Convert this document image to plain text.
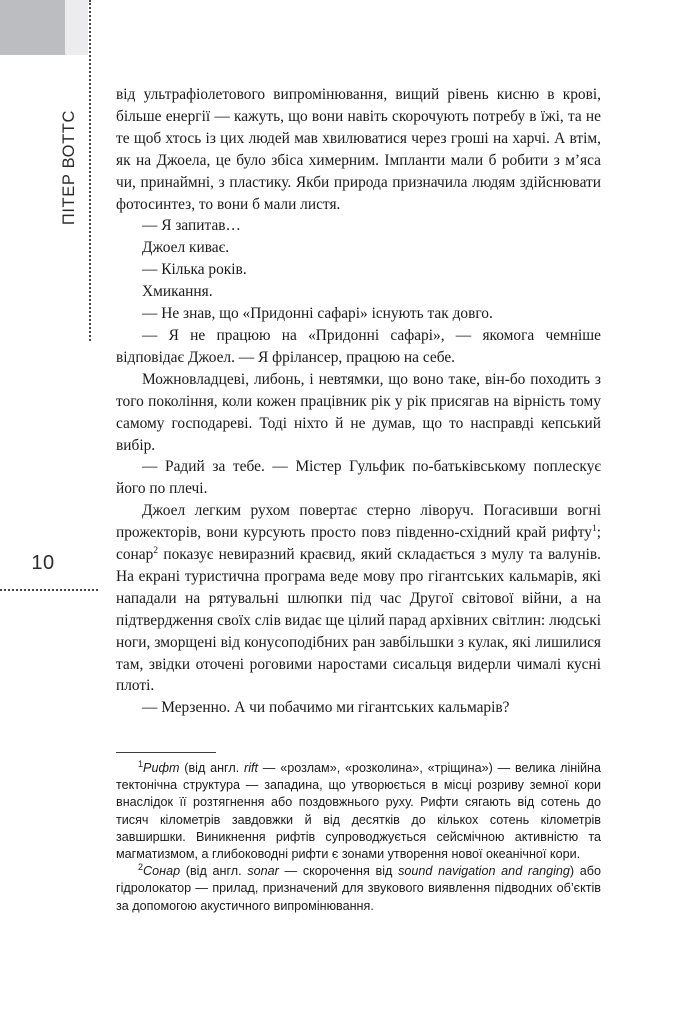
ПІТЕР ВОТТС
10

від ультрафіолетового випромінювання, вищий рівень кисню в крові, більше енергії — кажуть, що вони навіть скорочують потребу в їжі, та не те щоб хтось із цих людей мав хвилюватися через гроші на харчі. А втім, як на Джоела, це було збіса химерним. Імпланти мали б робити з м’яса чи, принаймні, з пластику. Якби природа призначила людям здійснювати фотосинтез, то вони б мали листя.

— Я запитав…

Джоел киває.

— Кілька років.

Хмикання.

— Не знав, що «Придонні сафарі» існують так довго.

— Я не працюю на «Придонні сафарі», — якомога чемніше відповідає Джоел. — Я фрілансер, працюю на себе.

Можновладцеві, либонь, і невтямки, що воно таке, він-бо походить з того покоління, коли кожен працівник рік у рік присягав на вірність тому самому господареві. Тоді ніхто й не думав, що то насправді кепський вибір.

— Радий за тебе. — Містер Гульфик по-батьківському поплескує його по плечі.

Джоел легким рухом повертає стерно ліворуч. Погасивши вогні прожекторів, вони курсують просто повз південно-східний край рифту$^1$; сонар$^2$ показує невиразний краєвид, який складається з мулу та валунів. На екрані туристична програма веде мову про гігантських кальмарів, які нападали на рятувальні шлюпки під час Другої світової війни, а на підтвердження своїх слів видає ще цілий парад архівних світлин: людські ноги, зморщені від конусоподібних ран завбільшки з кулак, які лишилися там, звідки оточені роговими наростами сисальця видерли чималі кусні плоті.

— Мерзенно. А чи побачимо ми гігантських кальмарів?

$^1$Рифт (від англ. rift — «розлам», «розколина», «тріщина») — велика лінійна тектонічна структура — западина, що утворюється в місці розриву земної кори внаслідок її розтягнення або поздовжнього руху. Рифти сягають від сотень до тисяч кілометрів завдовжки й від десятків до кількох сотень кілометрів завширшки. Виникнення рифтів супроводжується сейсмічною активністю та магматизмом, а глибоководні рифти є зонами утворення нової океанічної кори.

$^2$Сонар (від англ. sonar — скорочення від sound navigation and ranging) або гідролокатор — прилад, призначений для звукового виявлення підводних об’єктів за допомогою акустичного випромінювання.
